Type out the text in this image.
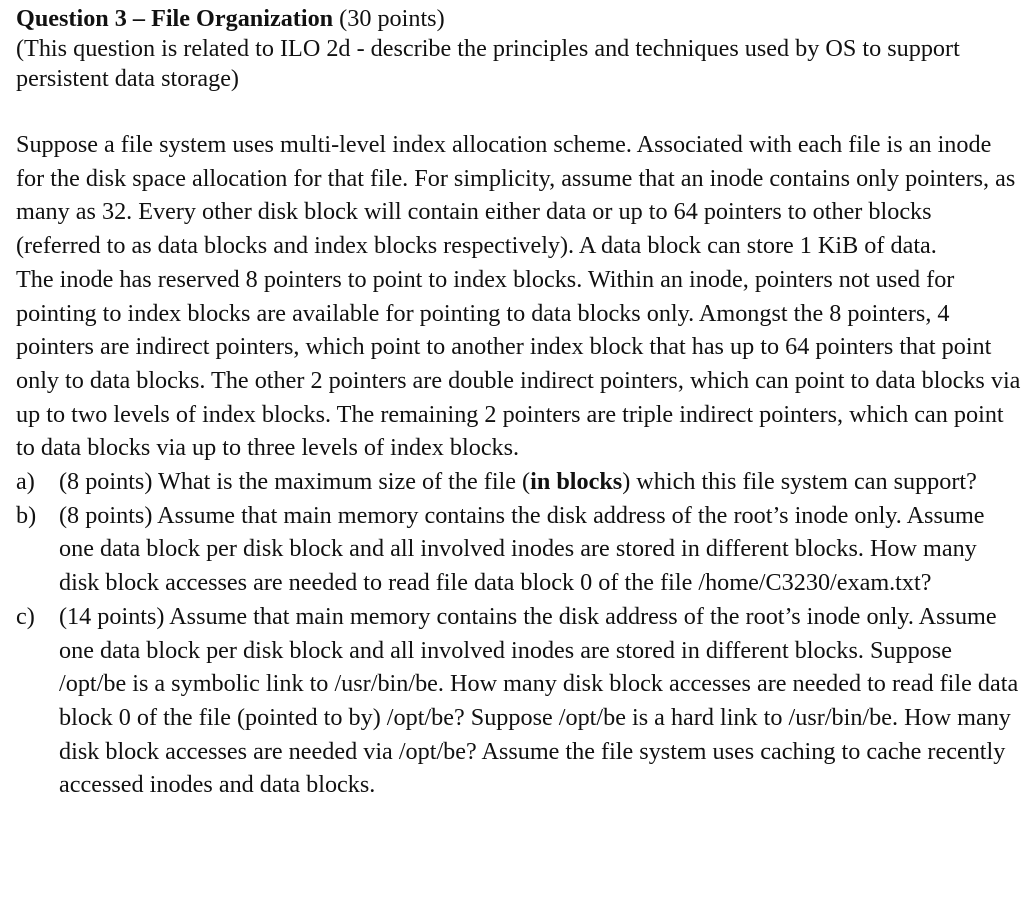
Question 3 – File Organization (30 points)

(This question is related to ILO 2d - describe the principles and techniques used by OS to support

persistent data storage)

Suppose a file system uses multi-level index allocation scheme. Associated with each file is an inode for the disk space allocation for that file. For simplicity, assume that an inode contains only pointers, as many as 32. Every other disk block will contain either data or up to 64 pointers to other blocks (referred to as data blocks and index blocks respectively). A data block can store 1 KiB of data.

The inode has reserved 8 pointers to point to index blocks. Within an inode, pointers not used for pointing to index blocks are available for pointing to data blocks only. Amongst the 8 pointers, 4 pointers are indirect pointers, which point to another index block that has up to 64 pointers that point only to data blocks. The other 2 pointers are double indirect pointers, which can point to data blocks via up to two levels of index blocks. The remaining 2 pointers are triple indirect pointers, which can point to data blocks via up to three levels of index blocks.

a) (8 points) What is the maximum size of the file (in blocks) which this file system can support?
b) (8 points) Assume that main memory contains the disk address of the root’s inode only. Assume one data block per disk block and all involved inodes are stored in different blocks. How many disk block accesses are needed to read file data block 0 of the file /home/C3230/exam.txt?
c) (14 points) Assume that main memory contains the disk address of the root’s inode only. Assume one data block per disk block and all involved inodes are stored in different blocks. Suppose /opt/be is a symbolic link to /usr/bin/be. How many disk block accesses are needed to read file data block 0 of the file (pointed to by) /opt/be? Suppose /opt/be is a hard link to /usr/bin/be. How many disk block accesses are needed via /opt/be? Assume the file system uses caching to cache recently accessed inodes and data blocks.
